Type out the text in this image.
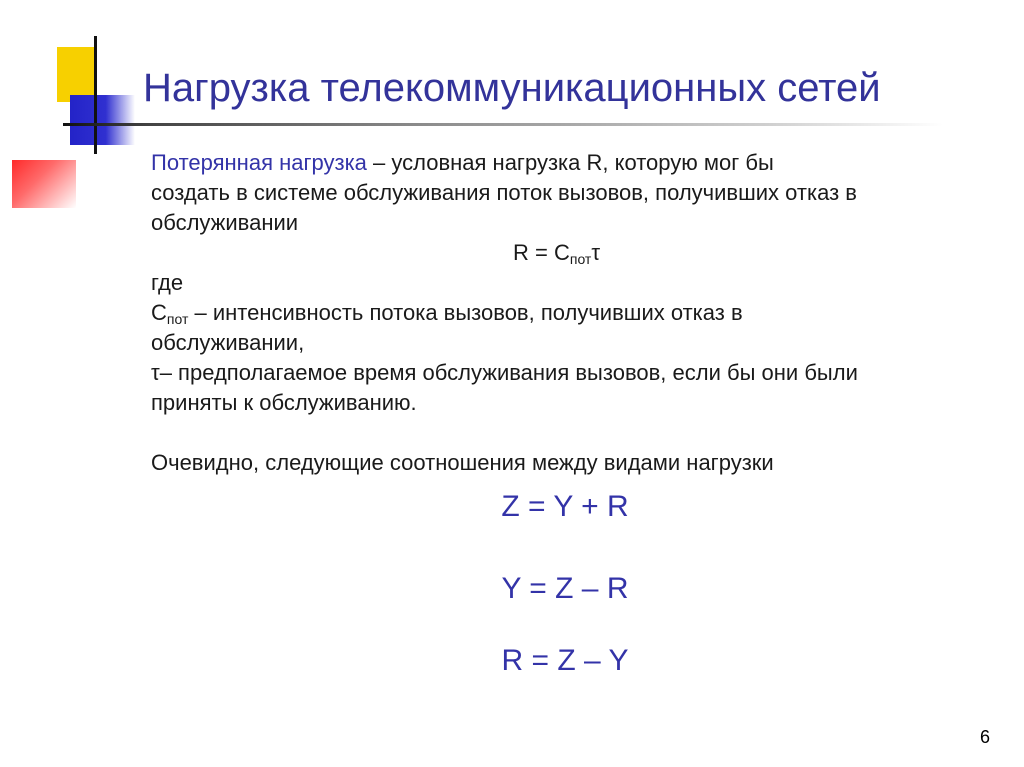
Нагрузка телекоммуникационных сетей
Потерянная нагрузка – условная нагрузка R, которую мог бы
создать в системе обслуживания поток вызовов, получивших отказ в
обслуживании
$R = C_{пот}\tau$
где
$C_{пот}$ – интенсивность потока вызовов, получивших отказ в
обслуживании,
τ– предполагаемое время обслуживания вызовов, если бы они были
приняты к обслуживанию.
Очевидно, следующие соотношения между видами нагрузки
Z = Y + R
Y = Z – R
R = Z – Y
6
